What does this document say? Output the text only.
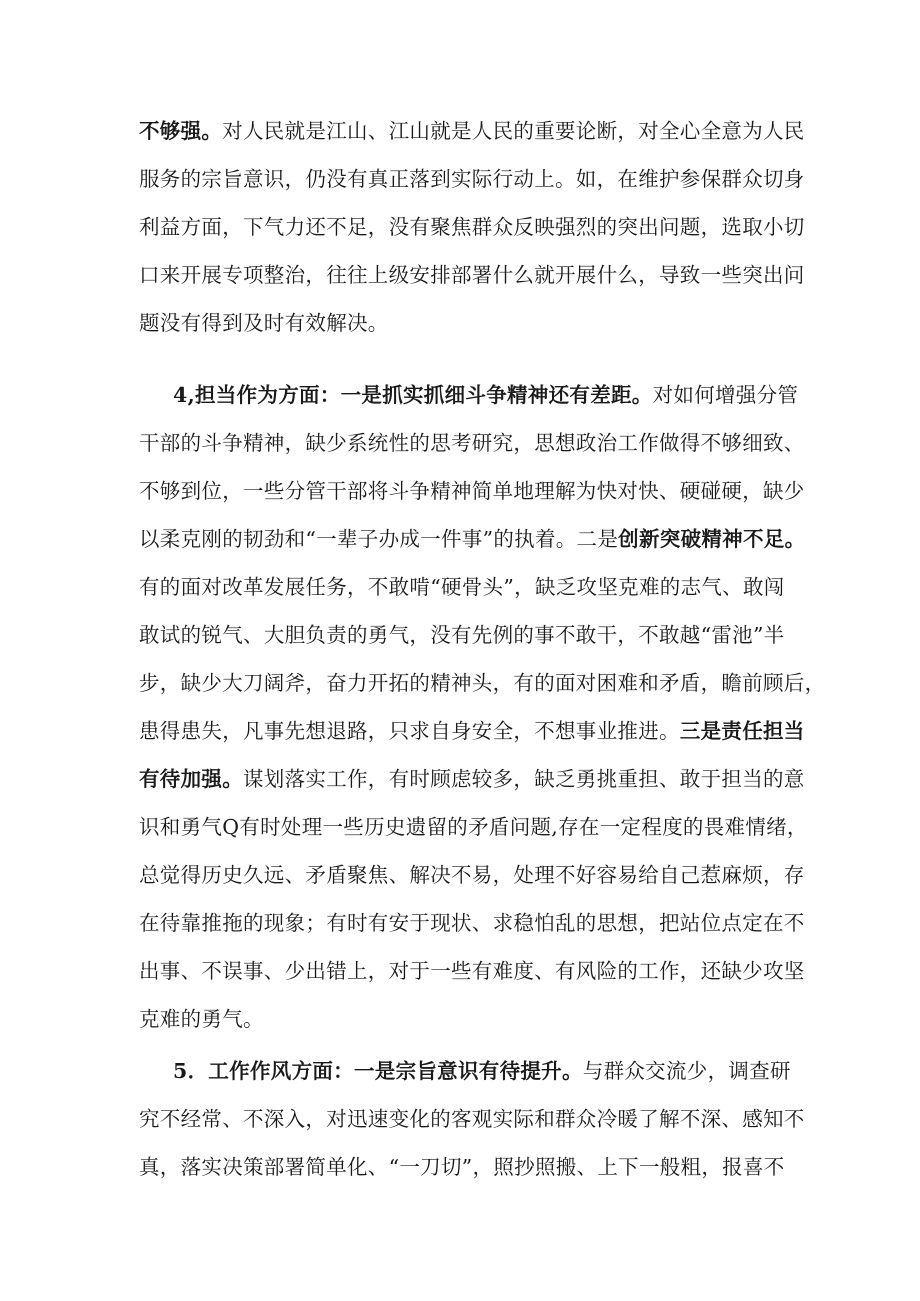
不够强。对人民就是江山、江山就是人民的重要论断，对全心全意为人民
服务的宗旨意识，仍没有真正落到实际行动上。如，在维护参保群众切身
利益方面，下气力还不足，没有聚焦群众反映强烈的突出问题，选取小切
口来开展专项整治，往往上级安排部署什么就开展什么，导致一些突出问
题没有得到及时有效解决。
4,担当作为方面：一是抓实抓细斗争精神还有差距。对如何增强分管
干部的斗争精神，缺少系统性的思考研究，思想政治工作做得不够细致、
不够到位，一些分管干部将斗争精神简单地理解为快对快、硬碰硬，缺少
以柔克刚的韧劲和“一辈子办成一件事”的执着。二是创新突破精神不足。
有的面对改革发展任务，不敢啃“硬骨头”，缺乏攻坚克难的志气、敢闯
敢试的锐气、大胆负责的勇气，没有先例的事不敢干，不敢越“雷池”半
步，缺少大刀阔斧，奋力开拓的精神头，有的面对困难和矛盾，瞻前顾后，
患得患失，凡事先想退路，只求自身安全，不想事业推进。三是责任担当
有待加强。谋划落实工作，有时顾虑较多，缺乏勇挑重担、敢于担当的意
识和勇气Q有时处理一些历史遗留的矛盾问题,存在一定程度的畏难情绪，
总觉得历史久远、矛盾聚焦、解决不易，处理不好容易给自己惹麻烦，存
在待靠推拖的现象；有时有安于现状、求稳怕乱的思想，把站位点定在不
出事、不误事、少出错上，对于一些有难度、有风险的工作，还缺少攻坚
克难的勇气。
5．工作作风方面：一是宗旨意识有待提升。与群众交流少，调查研
究不经常、不深入，对迅速变化的客观实际和群众冷暖了解不深、感知不
真，落实决策部署简单化、“一刀切”，照抄照搬、上下一般粗，报喜不
